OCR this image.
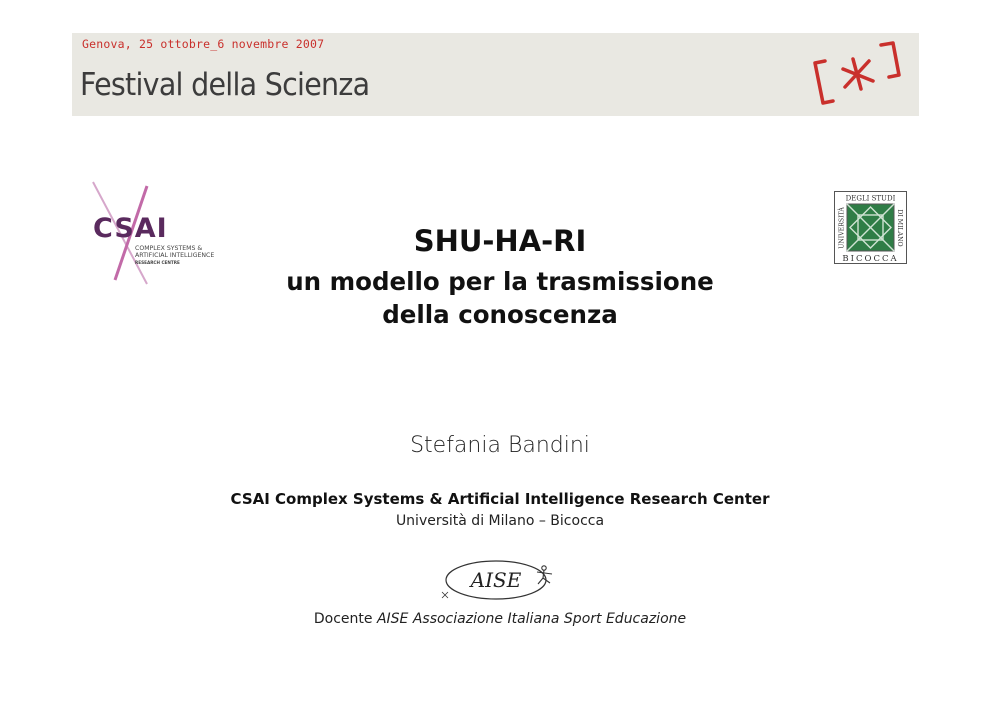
Genova, 25 ottobre_6 novembre 2007
Festival della Scienza
CSAI
COMPLEX SYSTEMS &
ARTIFICIAL INTELLIGENCE
RESEARCH CENTRE
DEGLI STUDI
BICOCCA
UNIVERSITÀ	DI MILANO
SHU-HA-RI
un modello per la trasmissione
della conoscenza
Stefania Bandini
CSAI Complex Systems & Artificial Intelligence Research Center
Università di Milano – Bicocca
AISE
Docente AISE Associazione Italiana Sport Educazione
